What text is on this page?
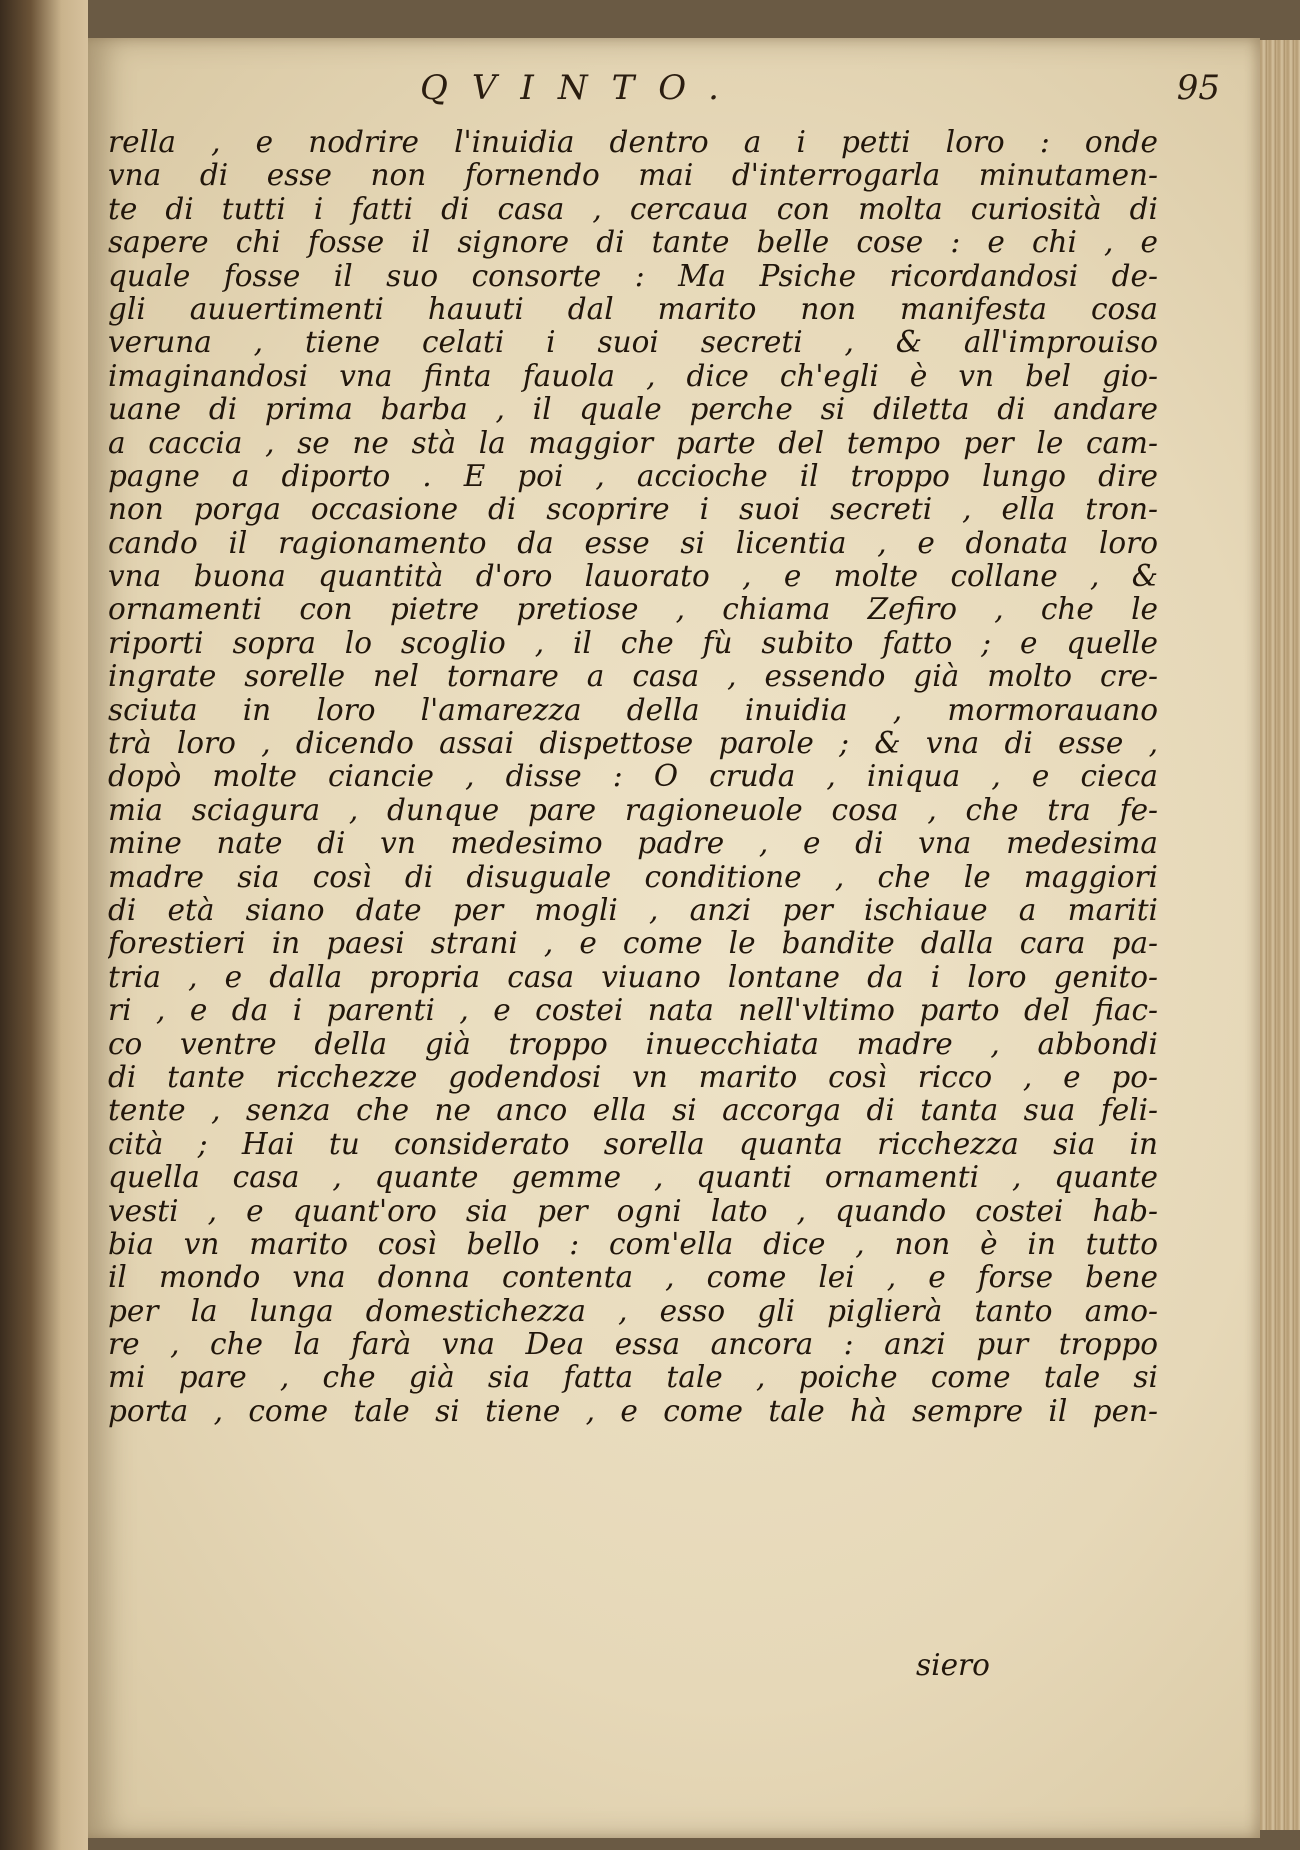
QVINTO.	95
rella , e nodrire l'inuidia dentro a i petti loro : onde
vna di esse non fornendo mai d'interrogarla minutamen-
te di tutti i fatti di casa , cercaua con molta curiosità di
sapere chi fosse il signore di tante belle cose : e chi , e
quale fosse il suo consorte : Ma Psiche ricordandosi de-
gli auuertimenti hauuti dal marito non manifesta cosa
veruna , tiene celati i suoi secreti , & all'improuiso
imaginandosi vna finta fauola , dice ch'egli è vn bel gio-
uane di prima barba , il quale perche si diletta di andare
a caccia , se ne stà la maggior parte del tempo per le cam-
pagne a diporto . E poi , accioche il troppo lungo dire
non porga occasione di scoprire i suoi secreti , ella tron-
cando il ragionamento da esse si licentia , e donata loro
vna buona quantità d'oro lauorato , e molte collane , &
ornamenti con pietre pretiose , chiama Zefiro , che le
riporti sopra lo scoglio , il che fù subito fatto ; e quelle
ingrate sorelle nel tornare a casa , essendo già molto cre-
sciuta in loro l'amarezza della inuidia , mormorauano
trà loro , dicendo assai dispettose parole ; & vna di esse ,
dopò molte ciancie , disse : O cruda , iniqua , e cieca
mia sciagura , dunque pare ragioneuole cosa , che tra fe-
mine nate di vn medesimo padre , e di vna medesima
madre sia così di disuguale conditione , che le maggiori
di età siano date per mogli , anzi per ischiaue a mariti
forestieri in paesi strani , e come le bandite dalla cara pa-
tria , e dalla propria casa viuano lontane da i loro genito-
ri , e da i parenti , e costei nata nell'vltimo parto del fiac-
co ventre della già troppo inuecchiata madre , abbondi
di tante ricchezze godendosi vn marito così ricco , e po-
tente , senza che ne anco ella si accorga di tanta sua feli-
cità ; Hai tu considerato sorella quanta ricchezza sia in
quella casa , quante gemme , quanti ornamenti , quante
vesti , e quant'oro sia per ogni lato , quando costei hab-
bia vn marito così bello : com'ella dice , non è in tutto
il mondo vna donna contenta , come lei , e forse bene
per la lunga domestichezza , esso gli piglierà tanto amo-
re , che la farà vna Dea essa ancora : anzi pur troppo
mi pare , che già sia fatta tale , poiche come tale si
porta , come tale si tiene , e come tale hà sempre il pen-
siero
